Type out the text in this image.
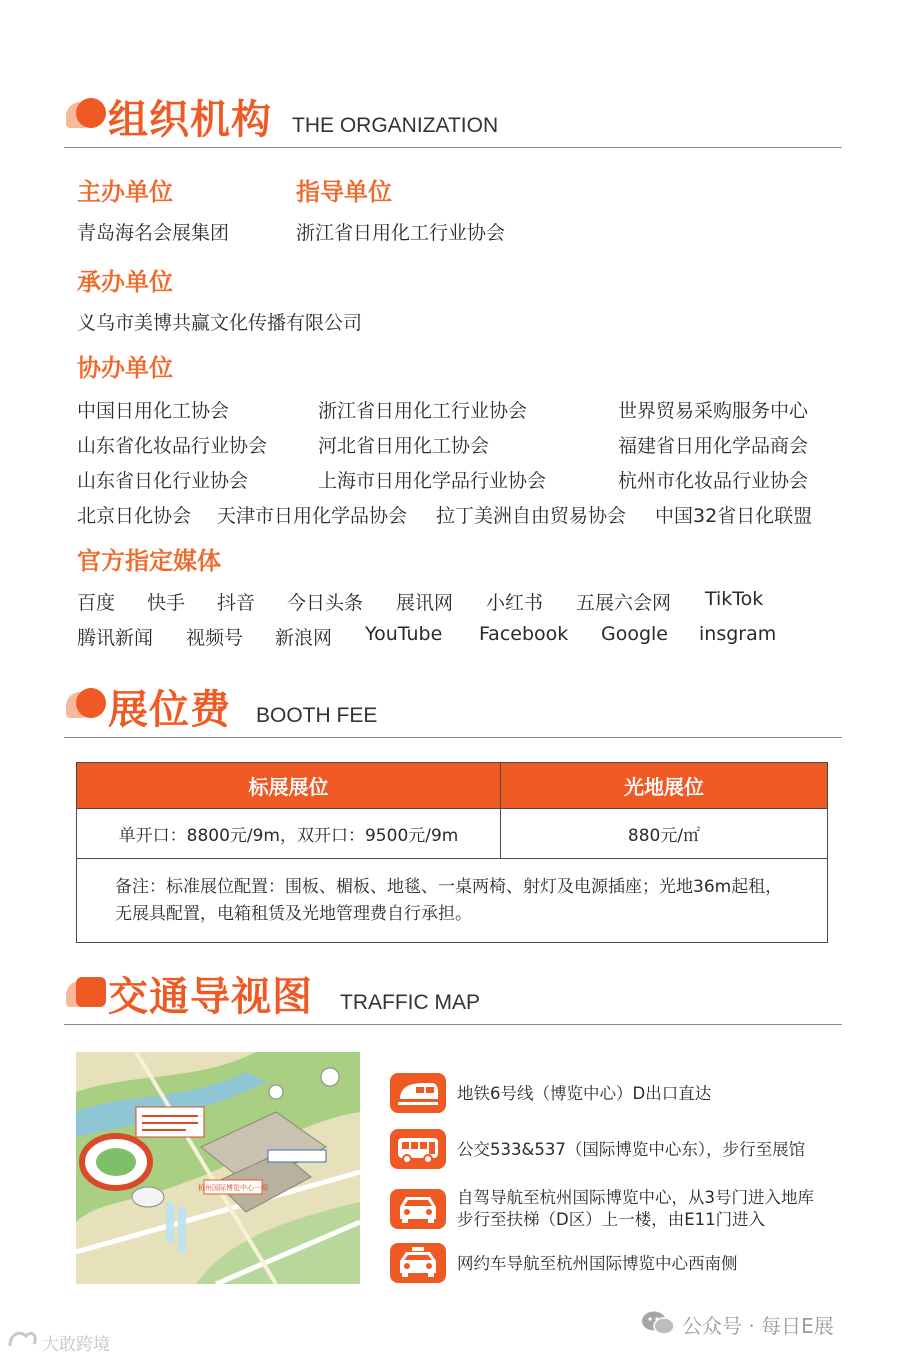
组织机构 THE ORGANIZATION
主办单位	指导单位
青岛海名会展集团	浙江省日用化工行业协会
承办单位
义乌市美博共赢文化传播有限公司
协办单位
中国日用化工协会	浙江省日用化工行业协会	世界贸易采购服务中心
山东省化妆品行业协会	河北省日用化工协会	福建省日用化学品商会
山东省日化行业协会	上海市日用化学品行业协会	杭州市化妆品行业协会
北京日化协会 天津市日用化学品协会 拉丁美洲自由贸易协会 中国32省日化联盟
官方指定媒体
百度 快手 抖音 今日头条 展讯网 小红书 五展六会网 TikTok
腾讯新闻 视频号 新浪网 YouTube Facebook Google insgram
展位费 BOOTH FEE
标展展位	光地展位
单开口：8800元/9m，双开口：9500元/9m	880元/㎡

备注：标准展位配置：围板、楣板、地毯、一桌两椅、射灯及电源插座；光地36m起租，
无展具配置，电箱租赁及光地管理费自行承担。	
交通导视图 TRAFFIC MAP
杭州国际博览中心一期
地铁6号线（博览中心）D出口直达
公交533&537（国际博览中心东），步行至展馆
自驾导航至杭州国际博览中心，从3号门进入地库
步行至扶梯（D区）上一楼，由E11门进入
网约车导航至杭州国际博览中心西南侧
公众号 · 每日E展
大敢跨境
